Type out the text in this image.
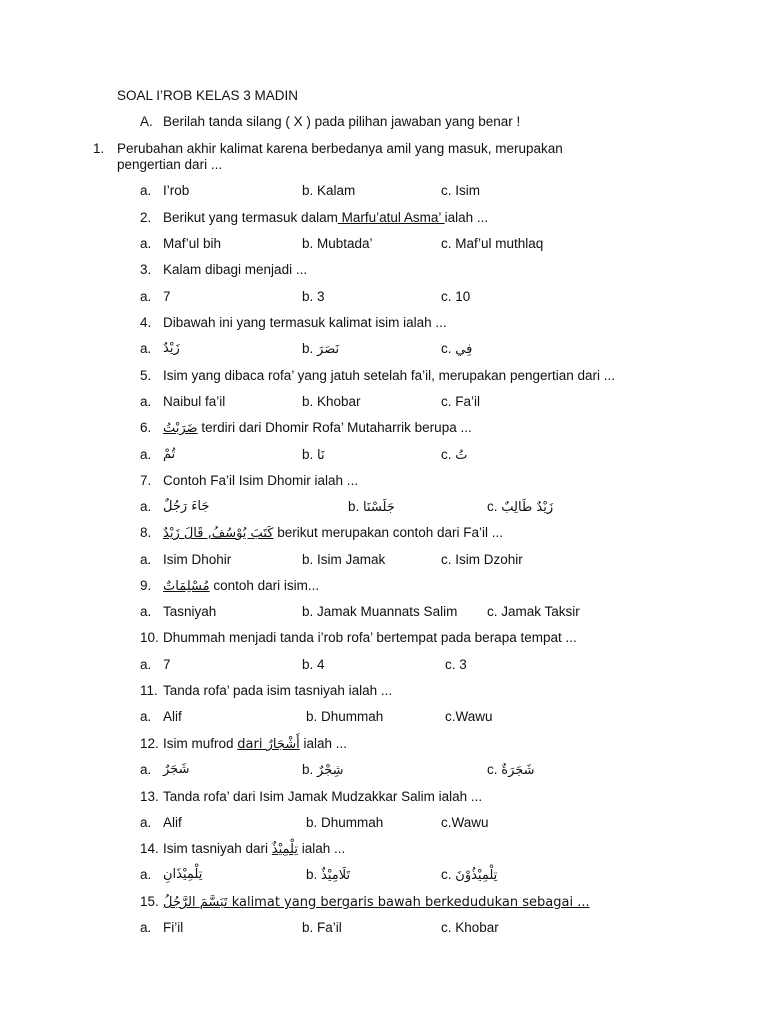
SOAL I’ROB KELAS 3 MADIN
A. Berilah tanda silang ( X ) pada pilihan jawaban yang benar !
1. Perubahan akhir kalimat karena berbedanya amil yang masuk, merupakan
pengertian dari ...
a. I’rob	b. Kalam	c. Isim
2. Berikut yang termasuk dalam Marfu’atul Asma’ ialah ...
a. Maf’ul bih	b. Mubtada’	c. Maf’ul muthlaq
3. Kalam dibagi menjadi ...
a. 7	b. 3	c. 10
4. Dibawah ini yang termasuk kalimat isim ialah ...
a. زَيْدٌ	b. نَصَرَ	c. فِي
5. Isim yang dibaca rofa’ yang jatuh setelah fa’il, merupakan pengertian dari ...
a. Naibul fa’il	b. Khobar	c. Fa’il
6. ضَرَبْتُ terdiri dari Dhomir Rofa’ Mutaharrik berupa ...
a. تُمْ	b. نَا	c. تُ
7. Contoh Fa’il Isim Dhomir ialah ...
a. جَاءَ رَجُلٌ	b. جَلَسْنَا	c. زَيْدٌ طَالِبٌ
8. كَتَبَ يُوْسُفُ, قَالَ زَيْدٌ berikut merupakan contoh dari Fa’il ...
a. Isim Dhohir	b. Isim Jamak	c. Isim Dzohir
9. مُسْلِمَاتٌ contoh dari isim...
a. Tasniyah	b. Jamak Muannats Salim c. Jamak Taksir
10. Dhummah menjadi tanda i’rob rofa’ bertempat pada berapa tempat ...
a. 7	b. 4	c. 3
11. Tanda rofa’ pada isim tasniyah ialah ...
a. Alif	b. Dhummah	c.Wawu
12. Isim mufrod dari أَشْجَارٌ ialah ...
a. شَجَرٌ	b. شِجْرٌ	c. شَجَرَةٌ
13. Tanda rofa’ dari Isim Jamak Mudzakkar Salim ialah ...
a. Alif	b. Dhummah	c.Wawu
14. Isim tasniyah dari تِلْمِيْذٌ ialah ...
a. تِلْمِيْذَانِ	b. تَلَامِيْذٌ	c. تِلْمِيْذُوْنَ
15. تَبَسَّمَ الرَّجُلُ kalimat yang bergaris bawah berkedudukan sebagai ...
a. Fi’il	b. Fa’il	c. Khobar
